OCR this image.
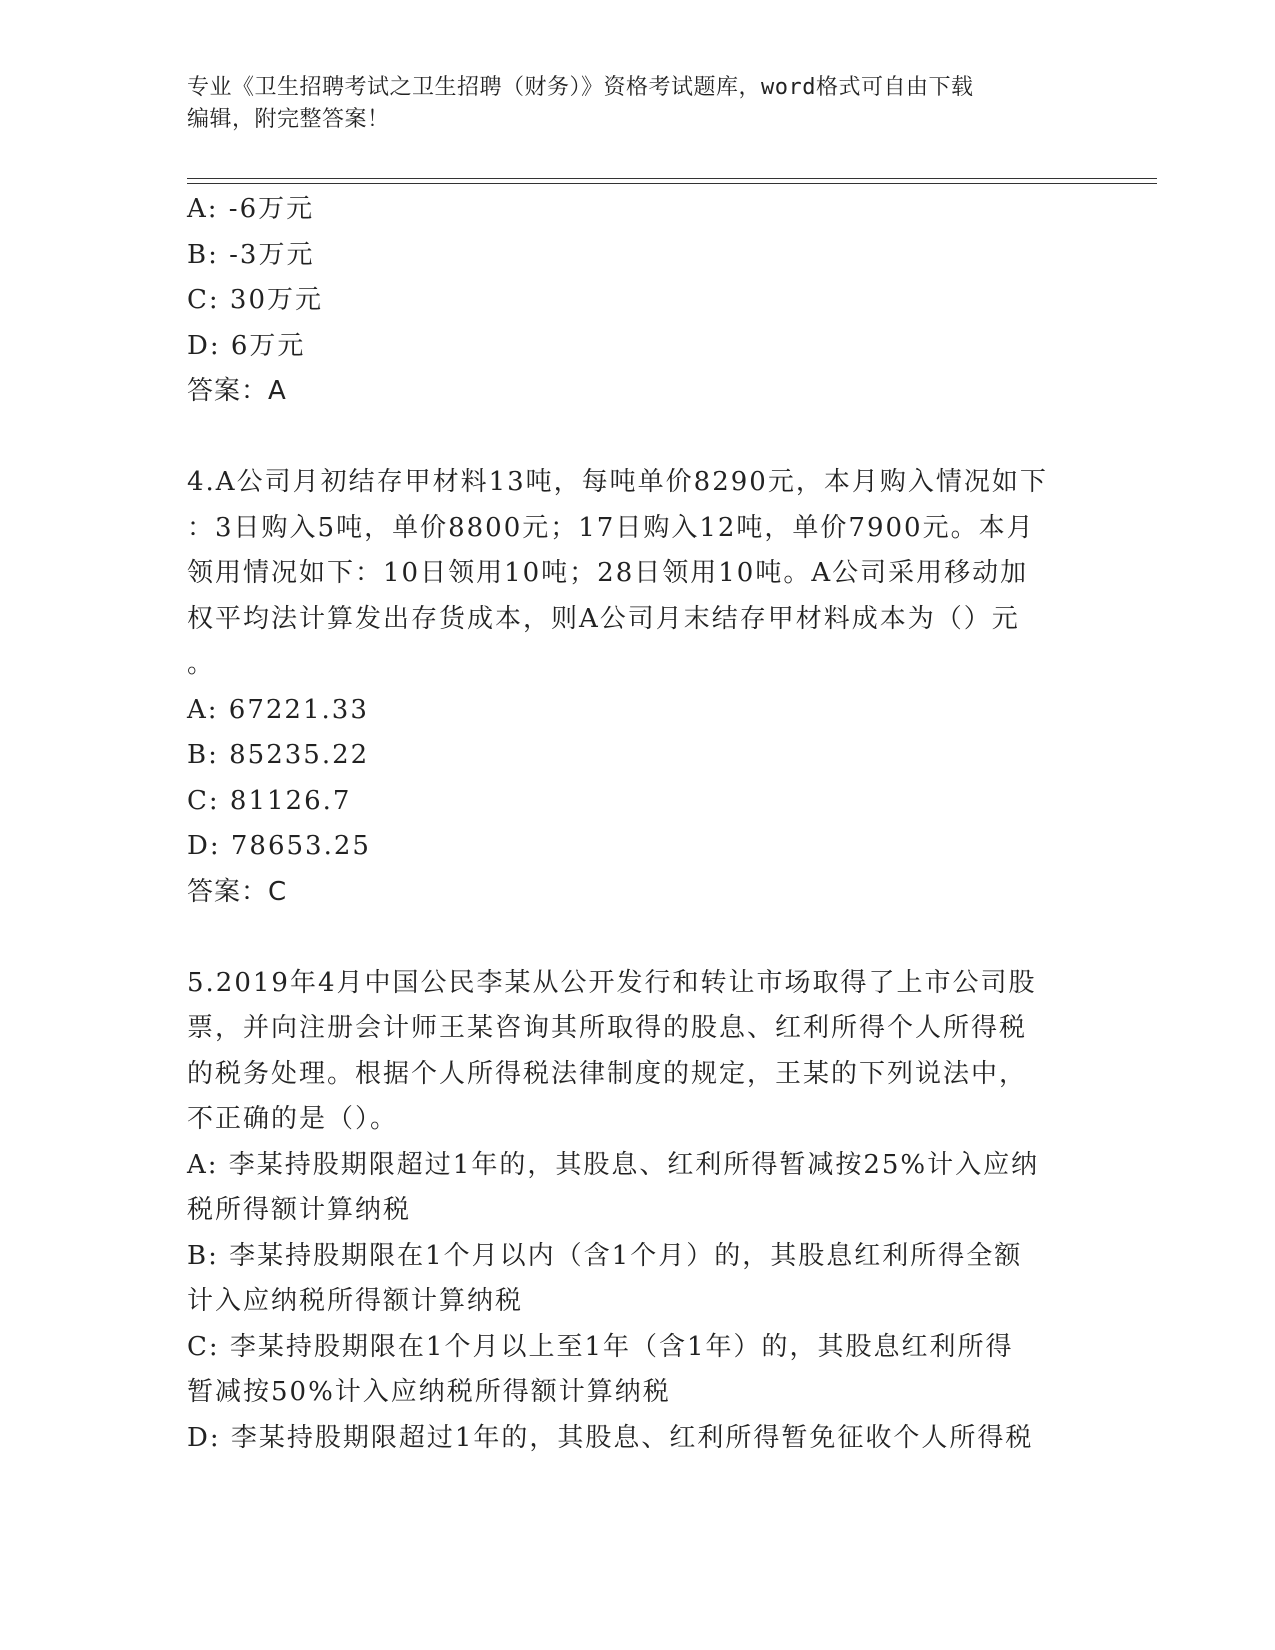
专业《卫生招聘考试之卫生招聘（财务）》资格考试题库，word格式可自由下载
编辑，附完整答案！
A: -6万元
B: -3万元
C: 30万元
D: 6万元
答案：A
4.A公司月初结存甲材料13吨，每吨单价8290元，本月购入情况如下
：3日购入5吨，单价8800元；17日购入12吨，单价7900元。本月
领用情况如下：10日领用10吨；28日领用10吨。A公司采用移动加
权平均法计算发出存货成本，则A公司月末结存甲材料成本为（）元
。
A: 67221.33
B: 85235.22
C: 81126.7
D: 78653.25
答案：C
5.2019年4月中国公民李某从公开发行和转让市场取得了上市公司股
票，并向注册会计师王某咨询其所取得的股息、红利所得个人所得税
的税务处理。根据个人所得税法律制度的规定，王某的下列说法中，
不正确的是（）。
A: 李某持股期限超过1年的，其股息、红利所得暂减按25%计入应纳
税所得额计算纳税
B: 李某持股期限在1个月以内（含1个月）的，其股息红利所得全额
计入应纳税所得额计算纳税
C: 李某持股期限在1个月以上至1年（含1年）的，其股息红利所得
暂减按50%计入应纳税所得额计算纳税
D: 李某持股期限超过1年的，其股息、红利所得暂免征收个人所得税
